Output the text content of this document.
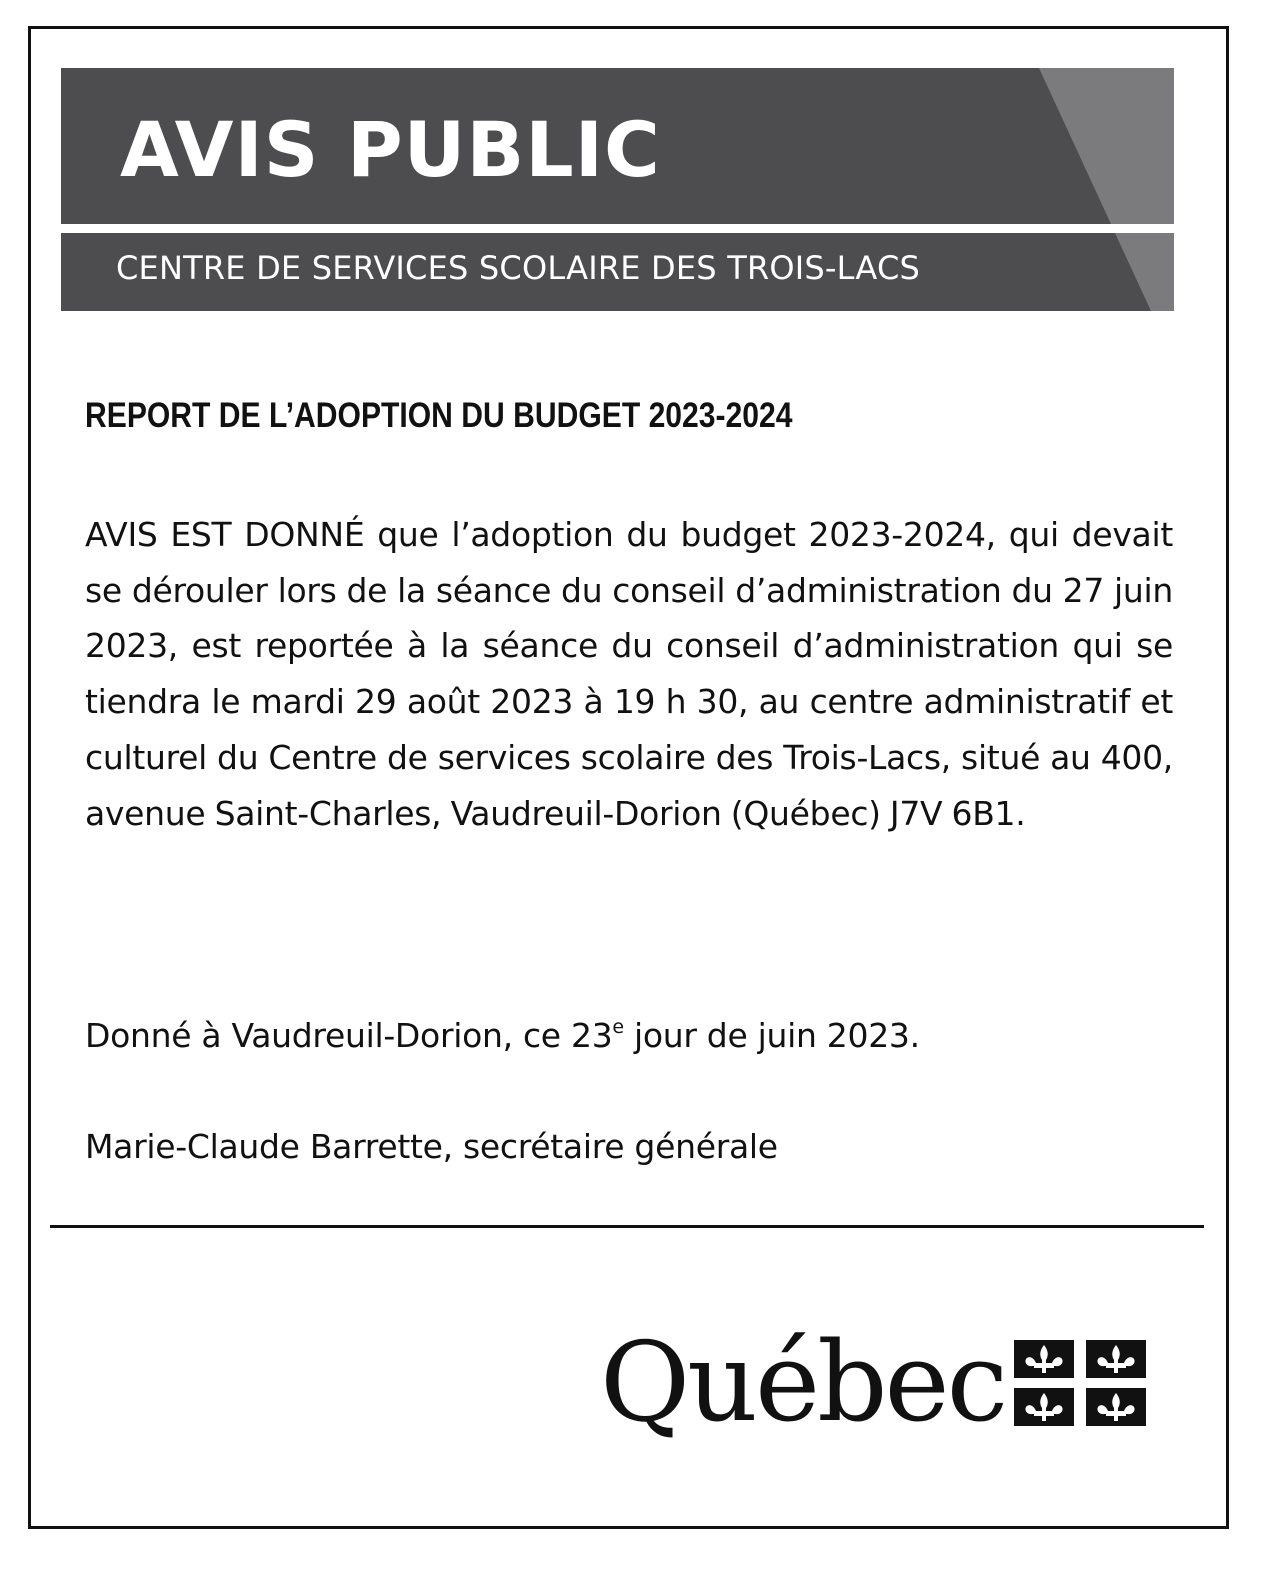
AVIS PUBLIC
CENTRE DE SERVICES SCOLAIRE DES TROIS-LACS
REPORT DE L’ADOPTION DU BUDGET 2023-2024

AVIS EST DONNÉ que l’adoption du budget 2023-2024, qui devait se dérouler lors de la séance du conseil d’administration du 27 juin 2023, est reportée à la séance du conseil d’administration qui se tiendra le mardi 29 août 2023 à 19 h 30, au centre administratif et culturel du Centre de services scolaire des Trois-Lacs, situé au 400, avenue Saint-Charles, Vaudreuil-Dorion (Québec) J7V 6B1.

Donné à Vaudreuil-Dorion, ce 23e jour de juin 2023.
Marie-Claude Barrette, secrétaire générale
Québec
